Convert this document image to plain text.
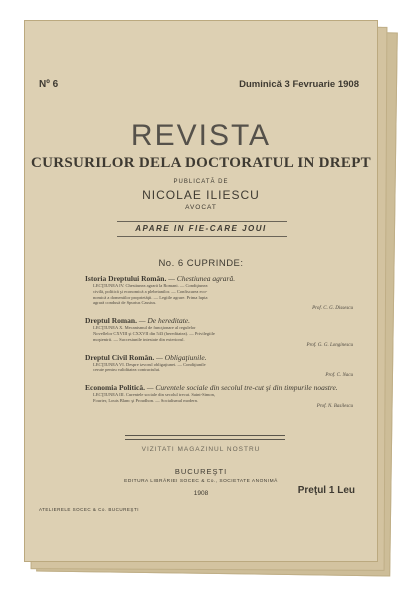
Nº 6	Duminică 3 Fevruarie 1908
REVISTA
CURSURILOR DELA DOCTORATUL IN DREPT
PUBLICATĂ DE
NICOLAE ILIESCU
AVOCAT
APARE IN FIE-CARE JOUI
No. 6 CUPRINDE:
Istoria Dreptului Român. — Chestiunea agrară.
LECŢIUNEA IV. Chestiunea agrară la Romani. — Condiţiunea
civilă, politică şi economică a plebeianilor. — Confiscarea eco-
nomică a domeniilor proprietăţii. — Legiile agrare. Prima lupta
agrară condusă de Spurius Cassius.
Prof. C. G. Dissescu
Dreptul Roman. — De hereditate.
LECŢIUNEA X. Mecanismul de funcţionare al regulelor
Novellelor CXVIII şi CXXVII din 543 (hereditatea). — Privilegiile
moştenirii. — Succesiunile intestate din exteriorul.
Prof. G. G. Longinescu
Dreptul Civil Român. — Obligaţiunile.
LECŢIUNEA VI. Despre izvorul obligaţiunei. — Condiţiunile
cerute pentru validitatea contractului.
Prof. C. Nacu
Economia Politică. — Curentele sociale din secolul tre-cut şi din timpurile noastre.
LECŢIUNEA III. Curentele sociale din secolul trecut. Saint-Simon,
Fourier, Louis Blanc şi Proudhon. — Socialismul modern.
Prof. N. Basilescu
VIZITATI MAGAZINUL NOSTRU
BUCUREŞTI
EDITURA LIBRĂRIEI SOCEC & Co., SOCIETATE ANONIMĂ
1908	Preţul 1 Leu
ATELIERELE SOCEC & Co. BUCUREŞTI
